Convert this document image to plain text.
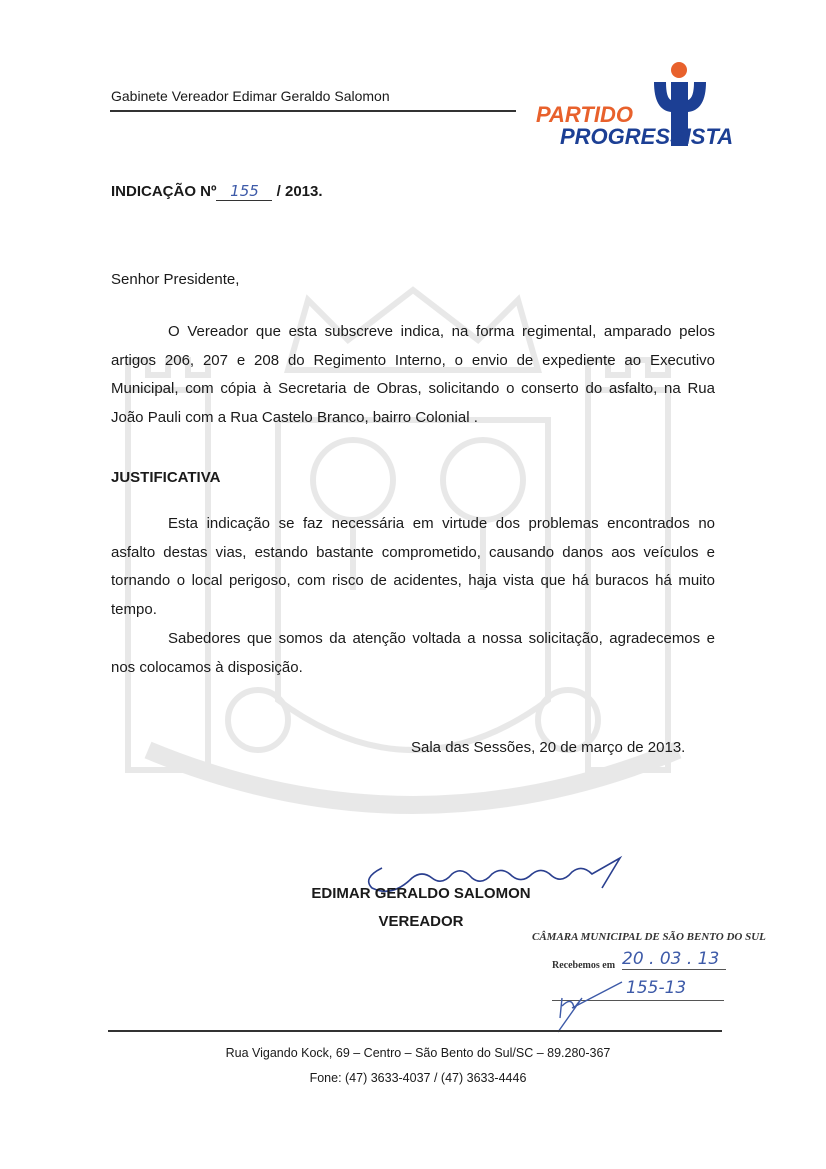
Gabinete Vereador Edimar Geraldo Salomon
PARTIDO
PROGRESSISTA
INDICAÇÃO Nº 155 / 2013.
Senhor Presidente,
O Vereador que esta subscreve indica, na forma regimental, amparado pelos artigos 206, 207 e 208 do Regimento Interno, o envio de expediente ao Executivo Municipal, com cópia à Secretaria de Obras, solicitando o conserto do asfalto, na Rua João Pauli com a Rua Castelo Branco, bairro Colonial .
JUSTIFICATIVA
Esta indicação se faz necessária em virtude dos problemas encontrados no asfalto destas vias, estando bastante comprometido, causando danos aos veículos e tornando o local perigoso, com risco de acidentes, haja vista que há buracos há muito tempo.
Sabedores que somos da atenção voltada a nossa solicitação, agradecemos e nos colocamos à disposição.
Sala das Sessões, 20 de março de 2013.
EDIMAR GERALDO SALOMON
VEREADOR
CÂMARA MUNICIPAL DE SÃO BENTO DO SUL
Recebemos em 20 . 03 . 13
155-13
Rua Vigando Kock, 69 – Centro – São Bento do Sul/SC – 89.280-367
Fone: (47) 3633-4037 / (47) 3633-4446
